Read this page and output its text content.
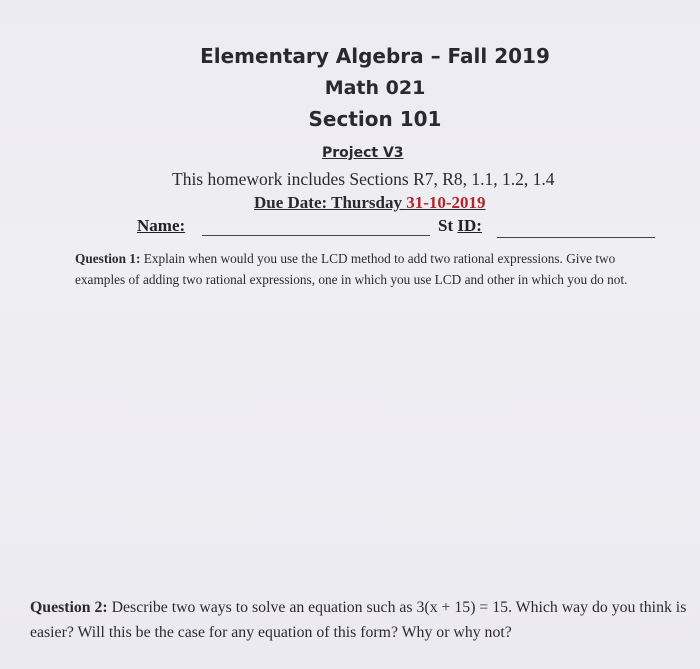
Elementary Algebra – Fall 2019
Math 021
Section 101
Project V3
This homework includes Sections R7, R8, 1.1, 1.2, 1.4
Due Date: Thursday 31-10-2019
Name:	St ID:
Question 1: Explain when would you use the LCD method to add two rational expressions. Give two examples of adding two rational expressions, one in which you use LCD and other in which you do not.
Question 2: Describe two ways to solve an equation such as 3(x + 15) = 15. Which way do you think is easier? Will this be the case for any equation of this form? Why or why not?
